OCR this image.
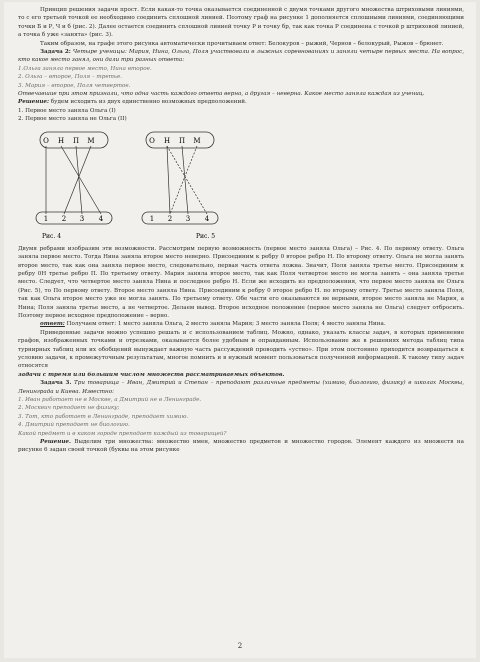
Принцип решения задачи прост. Если какая-то точка оказывается соединенной с двумя точками другого множества штриховыми линиями, то с его третьей точкой ее необходимо соединить сплошной линией. Поэтому граф на рисунке 1 дополняется сплошными линиями, соединяющими точки Б и Р, Ч и б (рис. 2). Далее остается соединить сплошной линией точку Р и точку бр, так как точка Р соединена с точкой р штриховой линией, а точка б уже «занята» (рис. 3).

Таким образом, на графе этого рисунка автоматически прочитываем ответ: Белокуров – рыжий, Чернов – белокурый, Рыжов – брюнет.

Задача 2: Четыре ученицы: Мария, Нина, Ольга, Поля участвовали в лыжных соревнованиях и заняли четыре первых места. На вопрос, кто какое место занял, они дали три разных ответа:

1.Ольга заняла первое место, Нина второе.

2. Ольга – второе, Поля – третье.

3. Мария – второе, Поля четвертое.

Отвечавшие при этом признали, что одна часть каждого ответа верна, а другая – неверна. Какое место заняла каждая из учениц.

Решение: будем исходить из двух единственно возможных предположений.

1. Первое место заняла Ольга (I)

2. Первое место заняла не Ольга (II)

О Н П М
1 2 3 4
Рис. 4
О Н П М
1 2 3 4
Рис. 5

Двумя ребрами изобразим эти возможности. Рассмотрим первую возможность (первое место заняла Ольга) – Рис. 4. По первому ответу. Ольга заняла первое место. Тогда Нина заняла второе место неверно. Присоединим к ребру 0 второе ребро Н. По второму ответу. Ольга не могла занять второе место, так как она заняла первое место, следовательно, первая часть ответа ложна. Значит, Поля заняла третье место. Присоединим к ребру 0Н третье ребро П. По третьему ответу. Мария заняла второе место, так как Поля четвертое место не могла занять – она заняла третье место. Следует, что четвертое место заняла Нина и последнее ребро Н. Если же исходить из предположения, что первое место заняла не Ольга (Рис. 5), то По первому ответу. Второе место заняла Нина. Присоединим к ребру 0 второе ребро Н. по второму ответу. Третье место заняла Поля, так как Ольга второе место уже не могла занять. По третьему ответу. Обе части его оказываются не верными, второе место заняла не Мария, а Нина; Поля заняла третье место, а не четвертое. Делаем вывод. Второе исходное положение (первое место заняла не Ольга) следует отбросить. Поэтому первое исходное предположение – верно.

ответ: Получаем ответ: 1 место заняла Ольга, 2 место заняла Мария; 3 место заняла Поля; 4 место заняла Нина.

Приведенные задачи можно успешно решать и с использованием таблиц. Можно, однако, указать классы задач, в которых применение графов, изображенных точками и отрезками, оказывается более удобным и оправданным. Использование же в решениях метода таблиц типа турнирных таблиц или их обобщений вынуждает важную часть рассуждений проводить «устно». При этом постоянно приходится возвращаться к условию задачи, к промежуточным результатам, многое помнить и в нужный момент пользоваться полученной информацией. К такому типу задач относятся

задачи с тремя или большим числом множеств рассматриваемых объектов.

Задача 3. Три товарища – Иван, Дмитрий и Степан – преподают различные предметы (химию, биологию, физику) в школах Москвы, Ленинграда и Киева. Известно:

1. Иван работает не в Москве, а Дмитрий не в Ленинграде.
2. Москвич преподает не физику;
3. Тот, кто работает в Ленинграде, преподает химию.
4. Дмитрий преподает не биологию.

Какой предмет и в каком городе преподает каждый из товарищей?

Решение. Выделим три множества: множество имен, множество предметов и множество городов. Элемент каждого из множеств на рисунке 6 задан своей точкой (буквы на этом рисунке

2
